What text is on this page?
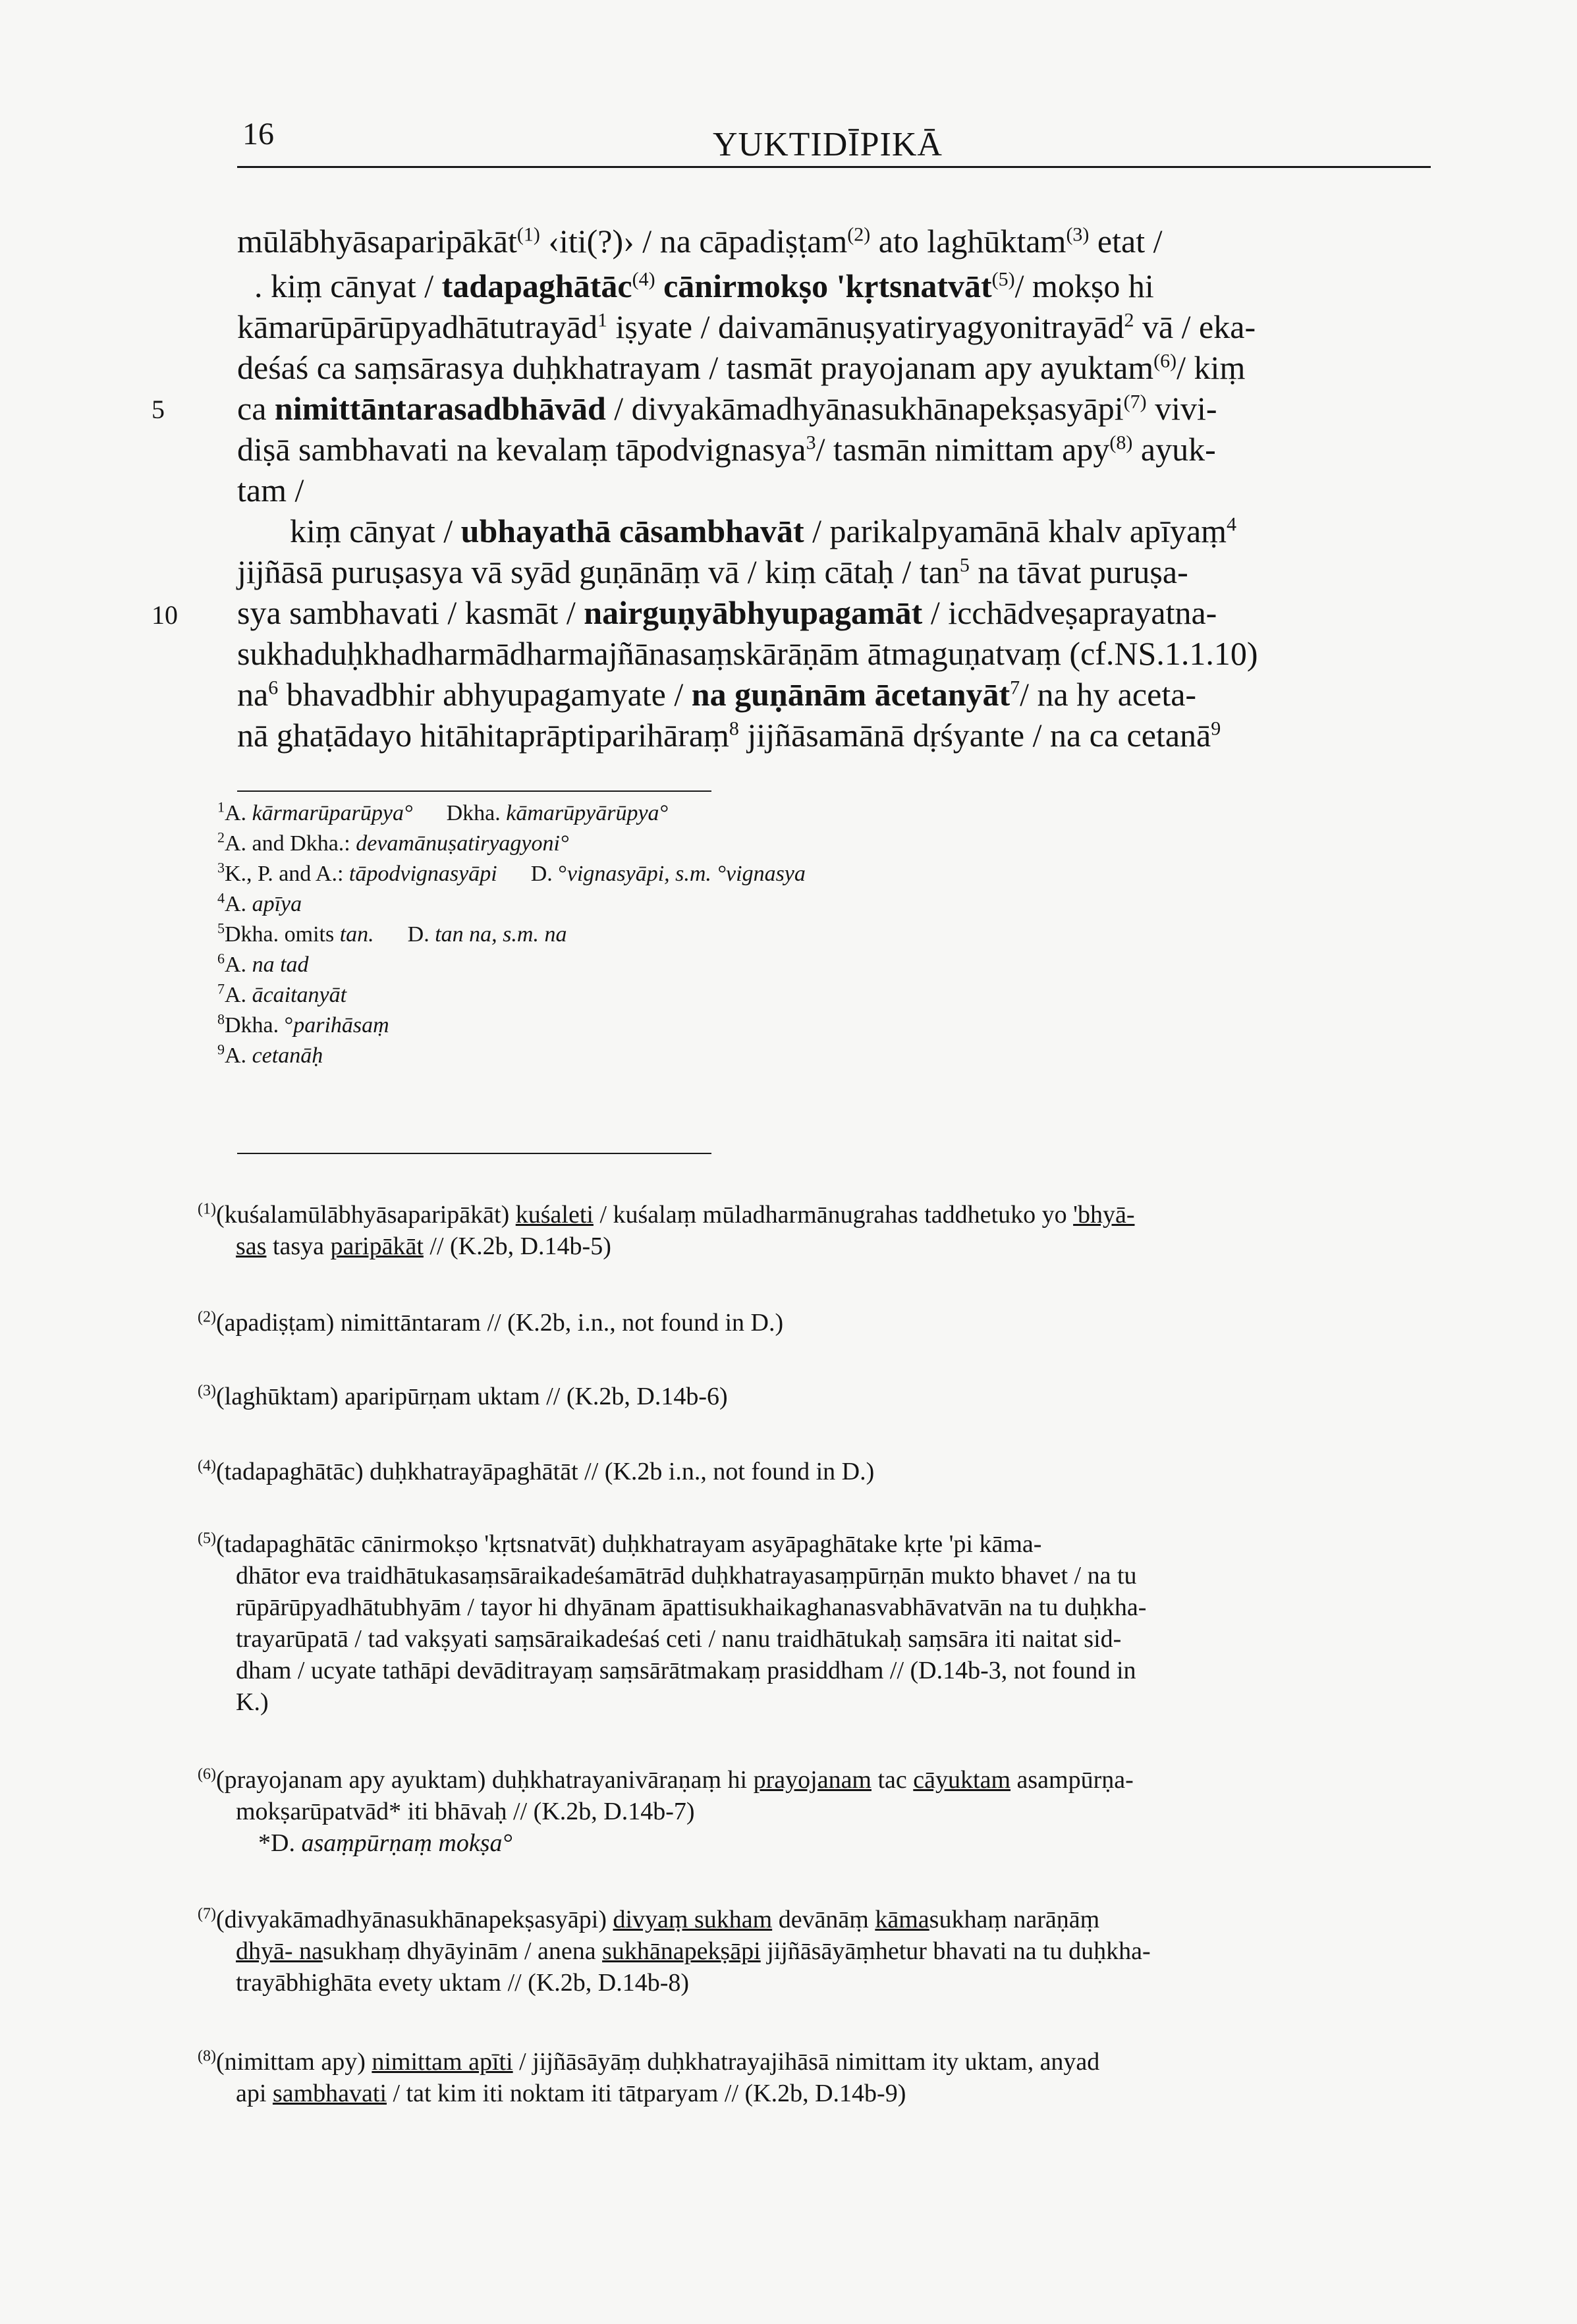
16	YUKTIDĪPIKĀ
5
10
mūlābhyāsaparipākāt$^{(1)}$ ‹iti(?)› / na cāpadiṣṭam$^{(2)}$ ato laghūktam$^{(3)}$ etat /
. kiṃ cānyat / tadapaghātāc$^{(4)}$ cānirmokṣo 'kṛtsnatvāt$^{(5)}$/ mokṣo hi
kāmarūpārūpyadhātutrayād$^1$ iṣyate / daivamānuṣyatiryagyonitrayād$^2$ vā / eka-
deśaś ca saṃsārasya duḥkhatrayam / tasmāt prayojanam apy ayuktam$^{(6)}$/ kiṃ
ca nimittāntarasadbhāvād / divyakāmadhyānasukhānapekṣasyāpi$^{(7)}$ vivi-
diṣā sambhavati na kevalaṃ tāpodvignasya$^3$/ tasmān nimittam apy$^{(8)}$ ayuk-
tam /
kiṃ cānyat / ubhayathā cāsambhavāt / parikalpyamānā khalv apīyaṃ$^4$
jijñāsā puruṣasya vā syād guṇānāṃ vā / kiṃ cātaḥ / $\tan^5$ na tāvat puruṣa-
sya sambhavati / kasmāt / nairguṇyābhyupagamāt / icchādveṣaprayatna-
sukhaduḥkhadharmādharmajñānasaṃskārāṇām ātmaguṇatvaṃ (cf.NS.1.1.10)
$na^6$ bhavadbhir abhyupagamyate / na guṇānām ācetanyāt$^7$/ na hy aceta-
nā ghaṭādayo hitāhitaprāptiparihāraṃ$^8$ jijñāsamānā dṛśyante / na ca cetanā$^9$
$^1$A. kārmarūparūpya°      Dkha. kāmarūpyārūpya°
$^2$A. and Dkha.: devamānuṣatiryagyoni°
$^3$K., P. and A.: tāpodvignasyāpi      D. °vignasyāpi, s.m. °vignasya
$^4$A. apīya
$^5$Dkha. omits tan.      D. tan na, s.m. na
$^6$A. na tad
$^7$A. ācaitanyāt
$^8$Dkha. °parihāsaṃ
$^9$A. cetanāḥ
$^{(1)}$(kuśalamūlābhyāsaparipākāt) kuśaleti / kuśalaṃ mūladharmānugrahas taddhetuko yo 'bhyā-
sas tasya paripākāt // (K.2b, D.14b-5)
$^{(2)}$(apadiṣṭam) nimittāntaram // (K.2b, i.n., not found in D.)
$^{(3)}$(laghūktam) aparipūrṇam uktam // (K.2b, D.14b-6)
$^{(4)}$(tadapaghātāc) duḥkhatrayāpaghātāt // (K.2b i.n., not found in D.)
$^{(5)}$(tadapaghātāc cānirmokṣo 'kṛtsnatvāt) duḥkhatrayam asyāpaghātake kṛte 'pi kāma-
dhātor eva traidhātukasaṃsāraikadeśamātrād duḥkhatrayasaṃpūrṇān mukto bhavet / na tu
rūpārūpyadhātubhyām / tayor hi dhyānam āpattisukhaikaghanasvabhāvatvān na tu duḥkha-
trayarūpatā / tad vakṣyati saṃsāraikadeśaś ceti / nanu traidhātukaḥ saṃsāra iti naitat sid-
dham / ucyate tathāpi devāditrayaṃ saṃsārātmakaṃ prasiddham // (D.14b-3, not found in
K.)
$^{(6)}$(prayojanam apy ayuktam) duḥkhatrayanivāraṇaṃ hi prayojanam tac cāyuktam asampūrṇa-
mokṣarūpatvād* iti bhāvaḥ // (K.2b, D.14b-7)
*D. asaṃpūrṇaṃ mokṣa°
$^{(7)}$(divyakāmadhyānasukhānapekṣasyāpi) divyaṃ sukham devānāṃ kāmasukhaṃ narāṇāṃ
dhyā- nasukhaṃ dhyāyinām / anena sukhānapekṣāpi jijñāsāyāṃhetur bhavati na tu duḥkha-
trayābhighāta evety uktam // (K.2b, D.14b-8)
$^{(8)}$(nimittam apy) nimittam apīti / jijñāsāyāṃ duḥkhatrayajihāsā nimittam ity uktam, anyad
api sambhavati / tat kim iti noktam iti tātparyam // (K.2b, D.14b-9)
